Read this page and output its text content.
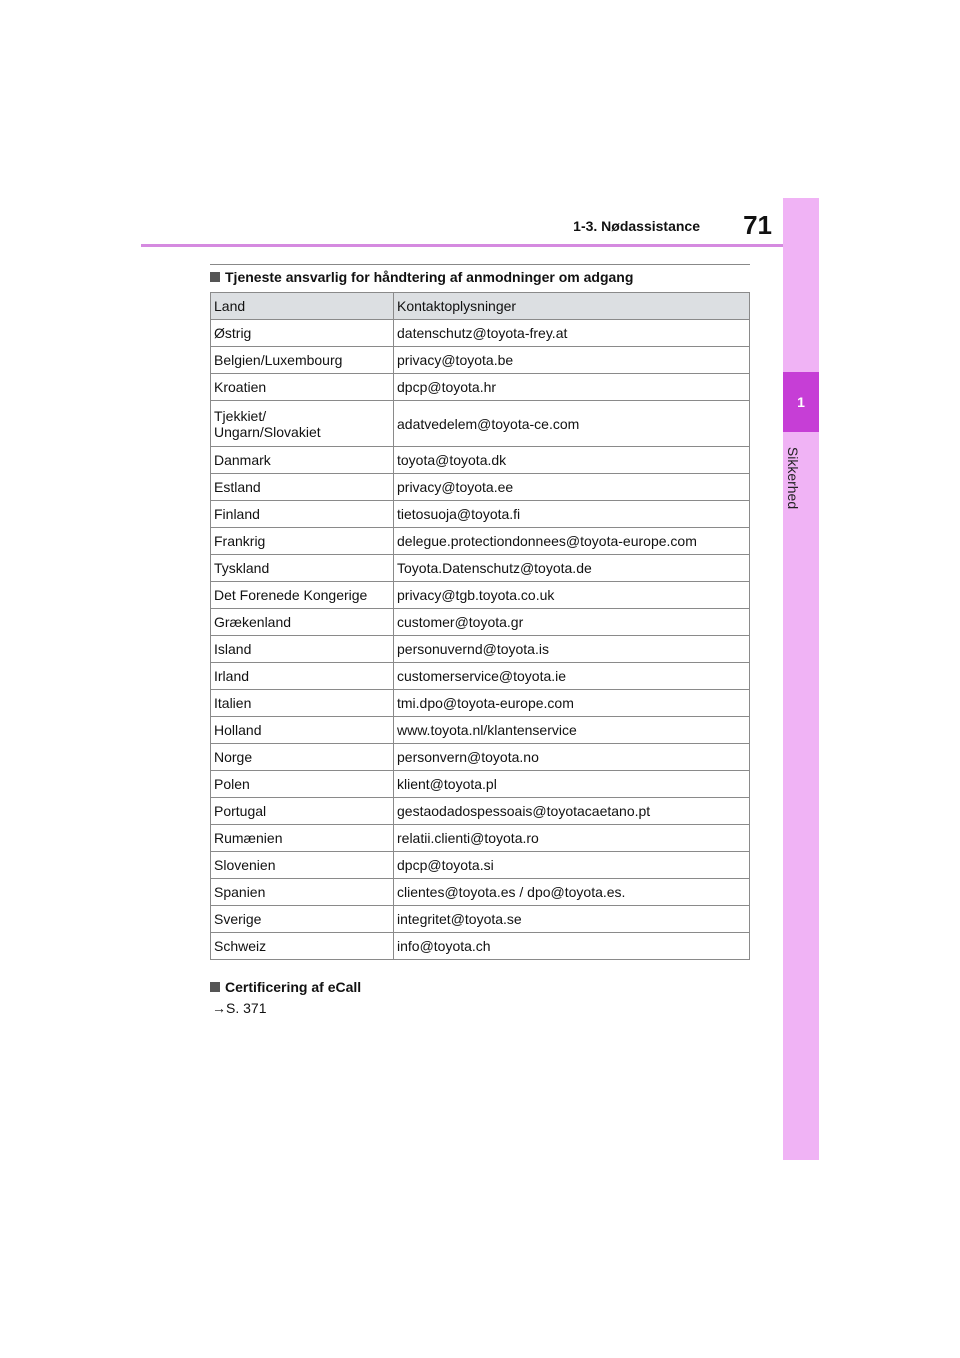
1
Sikkerhed
1-3. Nødassistance	71
Tjeneste ansvarlig for håndtering af anmodninger om adgang
Land	Kontaktoplysninger
Østrig	datenschutz@toyota-frey.at
Belgien/Luxembourg	privacy@toyota.be
Kroatien	dpcp@toyota.hr

Tjekkiet/
Ungarn/Slovakiet	adatvedelem@toyota-ce.com
Danmark	toyota@toyota.dk
Estland	privacy@toyota.ee
Finland	tietosuoja@toyota.fi
Frankrig	delegue.protectiondonnees@toyota-europe.com
Tyskland	Toyota.Datenschutz@toyota.de
Det Forenede Kongerige	privacy@tgb.toyota.co.uk
Grækenland	customer@toyota.gr
Island	personuvernd@toyota.is
Irland	customerservice@toyota.ie
Italien	tmi.dpo@toyota-europe.com
Holland	www.toyota.nl/klantenservice
Norge	personvern@toyota.no
Polen	klient@toyota.pl
Portugal	gestaodadospessoais@toyotacaetano.pt
Rumænien	relatii.clienti@toyota.ro
Slovenien	dpcp@toyota.si
Spanien	clientes@toyota.es / dpo@toyota.es.
Sverige	integritet@toyota.se
Schweiz	info@toyota.ch
Certificering af eCall
→S. 371
